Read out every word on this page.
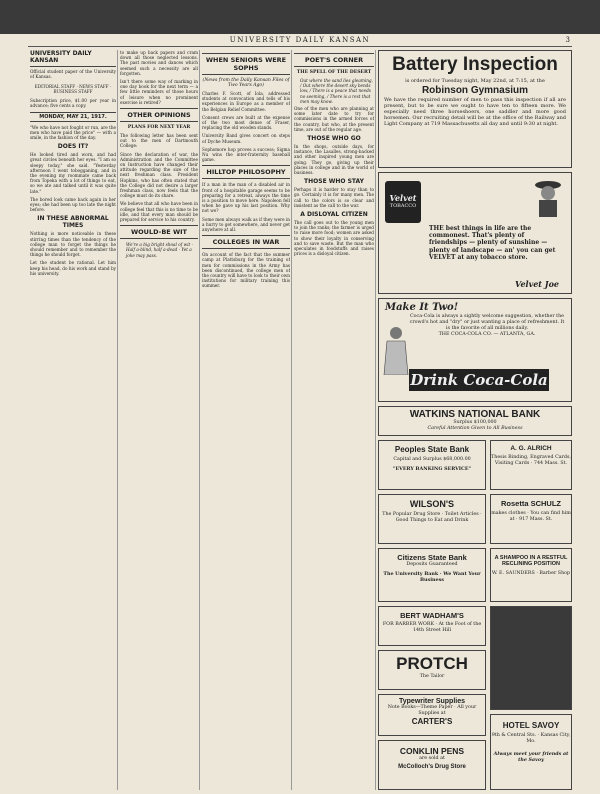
UNIVERSITY DAILY KANSAN	3
UNIVERSITY DAILY KANSAN

Official student paper of the University of Kansas.

EDITORIAL STAFF · NEWS STAFF · BUSINESS STAFF

Subscription price, $1.00 per year in advance; five cents a copy.

MONDAY, MAY 21, 1917.

"We who have not fought or run, are the men who have paid the price" — with a smile, in the fashion of the day.

DOES IT?

He looked tired and worn, and had great circles beneath her eyes. "I am so sleepy today," she said. "Yesterday afternoon I went tobogganing, and in the evening my roommate came back from Topeka with a lot of things to eat, so we ate and talked until it was quite late."

The bored look came back again in her eyes; she had been up too late the night before.

IN THESE ABNORMAL TIMES

Nothing is more noticeable in these stirring times than the tendency of the college man to forget the things he should remember and to remember the things he should forget.

Let the student be rational. Let him keep his head, do his work and stand by his university.

to make up back papers and cram down all those neglected lessons. The past movies and dances which seemed such a necessity are all forgotten.

Isn't there some way of marking in one day book for the next term — a few little reminders of those hours of leisure when no prominent exercise is retired?

OTHER OPINIONS
PLANS FOR NEXT YEAR

The following letter has been sent out to the men of Dartmouth College:

Since the declaration of war, the Administration and the Committee on Instruction have changed their attitude regarding the size of the next freshman class. President Hopkins, who has often stated that the College did not desire a larger freshman class, now feels that the college must do its share.

We believe that all who have been in college feel that this is no time to be idle, and that every man should be prepared for service to his country.

WOULD-BE WIT

We're a big bright shoal of wit · Half a-blind, half a-dead · Yet a joke may pass.

WHEN SENIORS WERE SOPHS
(News from the Daily Kansan Files of Two Years Ago)

Charles F. Scott, of Iola, addressed students at convocation and tells of his experiences in Europe as a member of the Belgian Relief Committee.

Consent crews are built at the expense of the two most dense of Fraser, replacing the old wooden stands.

University Band gives concert on steps of Dyche Museum.

Sophomore hop proves a success; Sigma Nu wins the inter-fraternity baseball game.

HILLTOP PHILOSOPHY

If a man in the man of a disabled air in front of a hospitable garage seems to be preparing for a retreat, always the time is a position to move here. Napoleon fell when he gave up his last position. Why not we?

Some men always walk as if they were in a hurry to get somewhere, and never get anywhere at all.

COLLEGES IN WAR

On account of the fact that the summer camp at Plattsburg for the training of men for commissions in the Army has been discontinued, the college men of the country will have to look to their own institutions for military training this summer.

POET'S CORNER
THE SPELL OF THE DESERT

Out where the sand lies gleaming, / Out where the desert sky bends low, / There is a peace that needs no seeming, / There is a rest that men may know.

One of the men who are planning at some later date to try for commissions in the armed forces of the country, but who, at the present time, are out of the regular age.

THOSE WHO GO

In the shops, outside days, for instance, the Lasalles, strong-backed and other inspired young men are going. They go, giving up their places in college and in the world of business.

THOSE WHO STAY

Perhaps it is harder to stay than to go. Certainly it is for many men. The call to the colors is so clear and insistent as the call to the war.

A DISLOYAL CITIZEN

The call goes out to the young men to join the ranks; the farmer is urged to raise more food; women are asked to show their loyalty in conserving and to save waste. But the man who speculates in foodstuffs and raises prices is a disloyal citizen.

Battery Inspection

is ordered for Tuesday night, May 22nd, at 7:15, at the

Robinson Gymnasium

We have the required number of men to pass this inspection if all are present, but to be sure we ought to have ten to fifteen more. We especially need three horseshoers, one saddler and more good horsemen. Our recruiting detail will be at the office of the Railway and Light Company at 719 Massachusetts all day and until 9:30 at night.

Velvet
TOBACCO
THE best things in life are the commonest. That's plenty of friendships — plenty of sunshine — plenty of landscape — an' you can get VELVET at any tobacco store.
Velvet Joe
Make It Two!
Coca-Cola is always a sightly welcome suggestion, whether the crowd's hot and "dry" or just wanting a place of refreshment. It is the favorite of all millions daily.
THE COCA-COLA CO. — ATLANTA, GA.
Drink Coca-Cola
WATKINS NATIONAL BANK
Surplus $100,000
Careful Attention Given to All Business
Peoples State Bank
Capital and Surplus $68,000.00
"EVERY BANKING SERVICE"
A. G. ALRICH
Thesis Binding, Engraved Cards, Visiting Cards · 744 Mass. St.
WILSON'S
The Popular Drug Store · Toilet Articles · Good Things to Eat and Drink
Rosetta SCHULZ
makes clothes · You can find him at · 917 Mass. St.
Citizens State Bank
Deposits Guaranteed
The University Bank · We Want Your Business
A SHAMPOO IN A RESTFUL RECLINING POSITION
W. E. SAUNDERS · Barber Shop
BERT WADHAM'S
FOR BARBER WORK · At the Foot of the 14th Street Hill
PROTCH
The Tailor
Typewriter Supplies
Note Books—Theme Paper · All your Supplies at
CARTER'S	HOTEL SAVOY
9th & Central Sts. · Kansas City, Mo.
Always meet your friends at the Savoy
CONKLIN PENS
are sold at
McColloch's Drug Store
